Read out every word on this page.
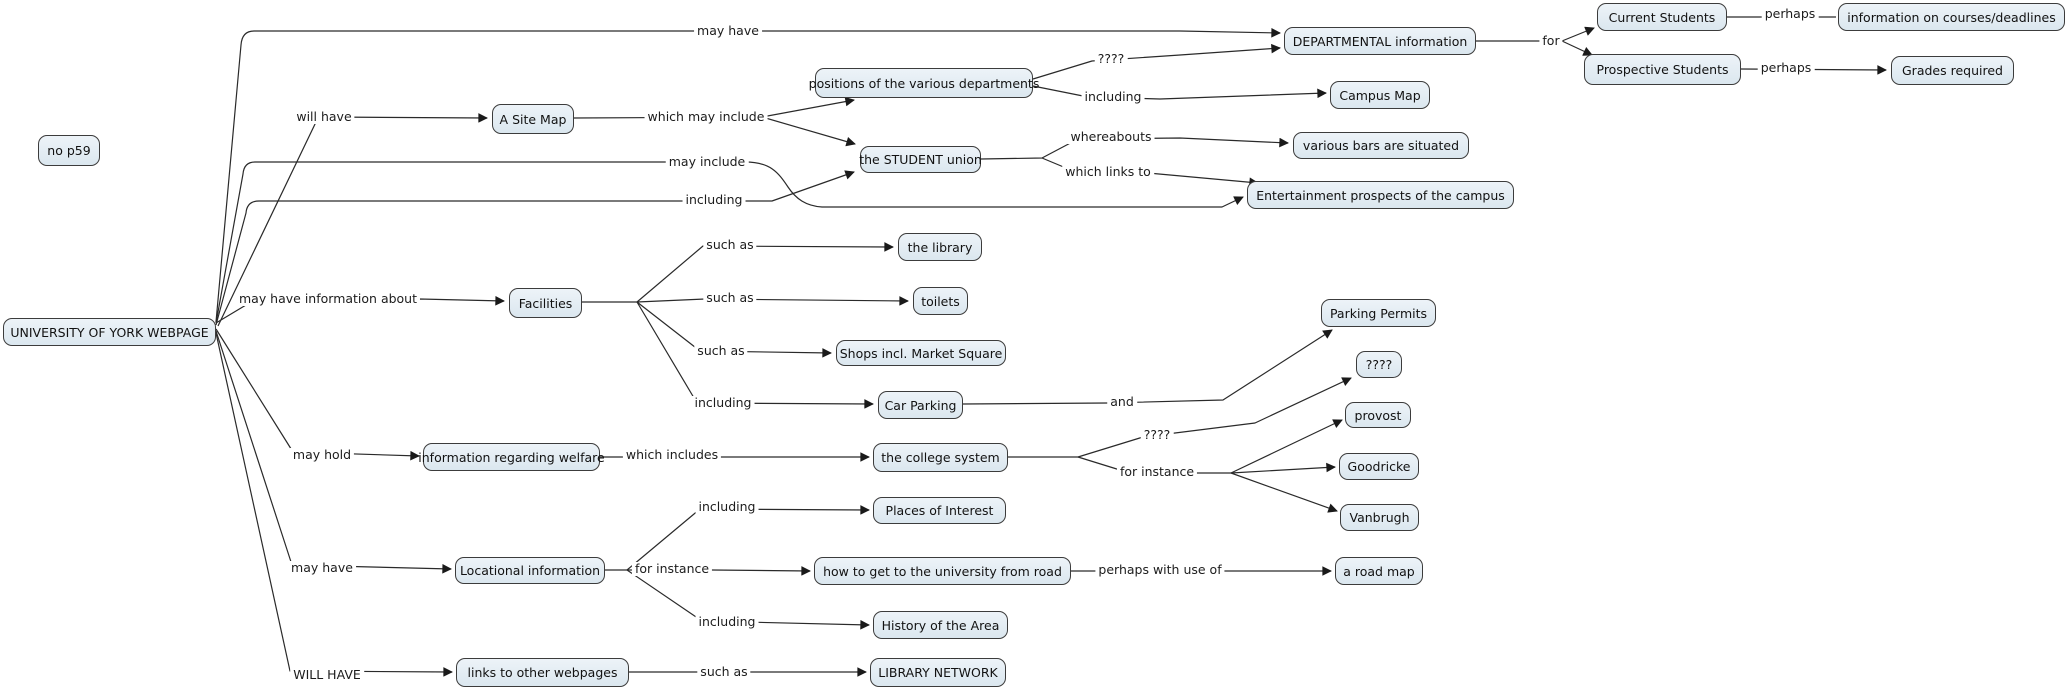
UNIVERSITY OF YORK WEBPAGE
no p59
A Site Map
positions of the various departments
DEPARTMENTAL information
Current Students	information on courses/deadlines
Prospective Students	Grades required
Campus Map
the STUDENT union
various bars are situated
Entertainment prospects of the campus
Facilities
the library
toilets
Shops incl. Market Square
Car Parking
Parking Permits
????
provost
Goodricke
Vanbrugh
information regarding welfare	the college system
Locational information
Places of Interest
how to get to the university from road	a road map
History of the Area
links to other webpages	LIBRARY NETWORK
may have
will have	which may include
may include
including
????
including
whereabouts
which links to
may have information about
such as
such as
such as
including	and
may hold	which includes
????
for instance
may have
including
for instance	perhaps with use of
including
WILL HAVE	such as
for
perhaps
perhaps
